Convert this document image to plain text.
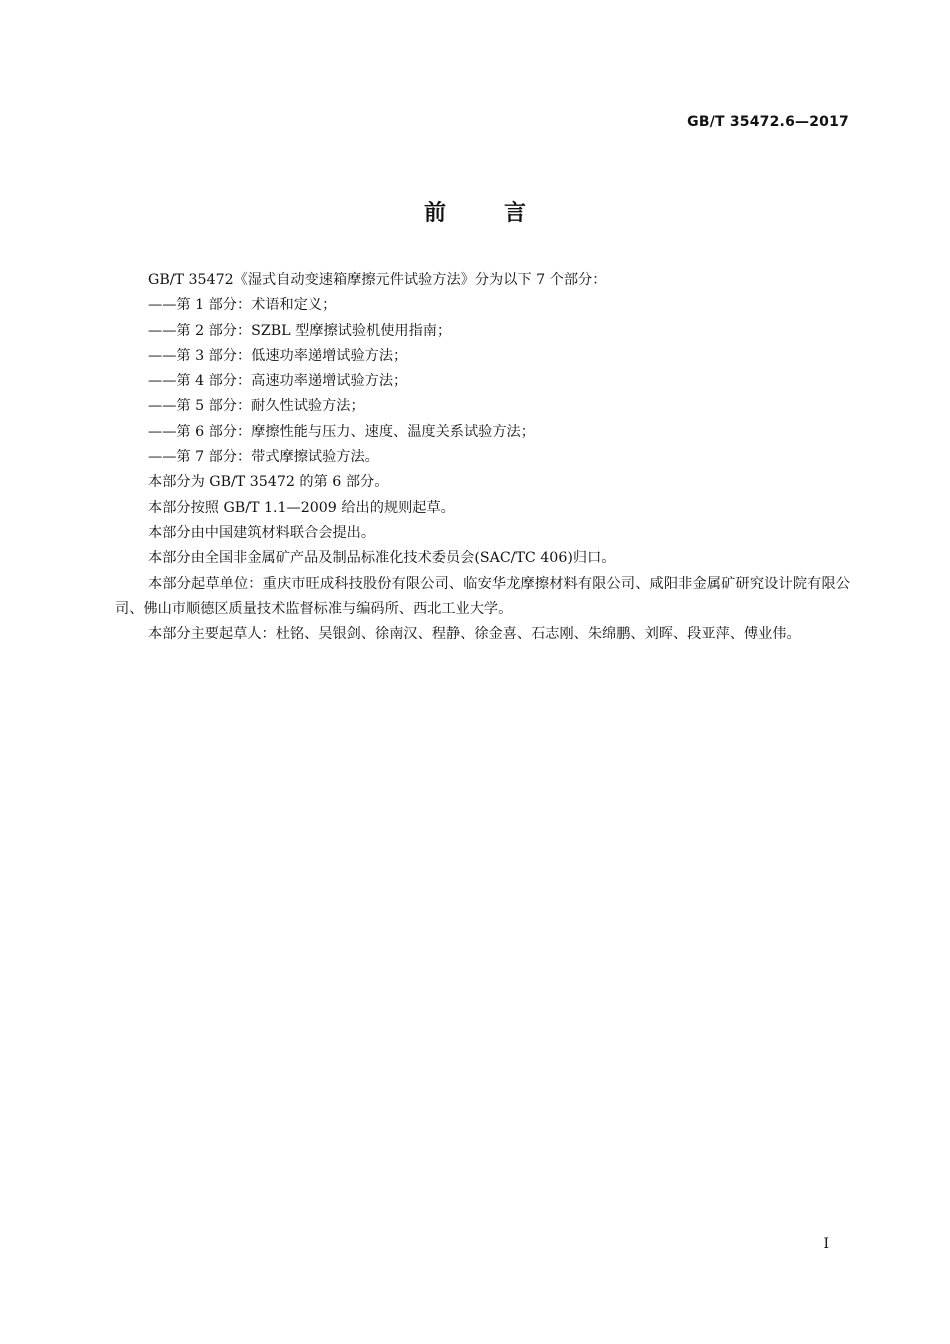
GB/T 35472.6—2017
前	言

GB/T 35472《湿式自动变速箱摩擦元件试验方法》分为以下 7 个部分：

——第 1 部分：术语和定义；

——第 2 部分：SZBL 型摩擦试验机使用指南；

——第 3 部分：低速功率递增试验方法；

——第 4 部分：高速功率递增试验方法；

——第 5 部分：耐久性试验方法；

——第 6 部分：摩擦性能与压力、速度、温度关系试验方法；

——第 7 部分：带式摩擦试验方法。

本部分为 GB/T 35472 的第 6 部分。

本部分按照 GB/T 1.1—2009 给出的规则起草。

本部分由中国建筑材料联合会提出。

本部分由全国非金属矿产品及制品标准化技术委员会(SAC/TC 406)归口。

本部分起草单位：重庆市旺成科技股份有限公司、临安华龙摩擦材料有限公司、咸阳非金属矿研究设计院有限公司、佛山市顺德区质量技术监督标准与编码所、西北工业大学。

本部分主要起草人：杜铭、吴银剑、徐南汉、程静、徐金喜、石志刚、朱绵鹏、刘晖、段亚萍、傅业伟。

I
